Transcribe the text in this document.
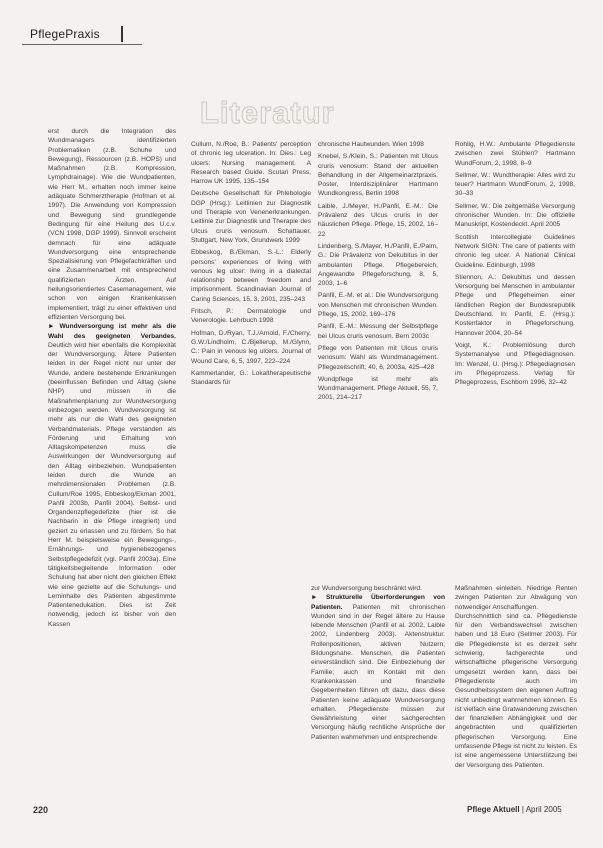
PflegePraxis
Literatur

erst durch die Integration des Wundmanagers identifizierten Problematiken (z.B. Schuhe und Bewegung), Ressourcen (z.B. HOPS) und Maßnahmen (z.B. Kompression, Lymphdrainage). Wie die Wundpatienten, wie Herr M., erhalten noch immer keine adäquate Schmerztherapie (Hofman et al. 1997). Die Anwendung von Kompression und Bewegung sind grundlegende Bedingung für eine Heilung des U.c.v. (VCN 1998, DGP 1999). Sinnvoll erscheint demnach für eine adäquate Wundversorgung eine entsprechende Spezialisierung von Pflegefachkräften und eine Zusammenarbeit mit entsprechend qualifizierten Ärzten. Auf heilungsorientiertes Casemanagement, wie schon von einigen Krankenkassen implementiert, trägt zu einer effektiven und effizienten Versorgung bei.

► Wundversorgung ist mehr als die Wahl des geeigneten Verbandes. Deutlich wird hier ebenfalls die Komplexität der Wundversorgung. Ältere Patienten leiden in der Regel nicht nur unter der Wunde, andere bestehende Erkrankungen (beeinflussen Befinden und Alltag (siehe NHP) und müssen in die Maßnahmenplanung zur Wundversorgung einbezogen werden. Wundversorgung ist mehr als nur die Wahl des geeigneten Verbandmaterials. Pflege verstanden als Förderung und Erhaltung von Alltagskompetenzen muss die Auswirkungen der Wundversorgung auf den Alltag einbeziehen. Wundpatienten leiden durch die Wunde an mehrdimensionalen Problemen (z.B. Cullum/Roe 1995, Ebbeskog/Ekman 2001, Panfil 2003b, Panfil 2004). Selbst- und Organdenzpflegedefizite (hier ist die Nachbarin in die Pflege integriert) und geziert zu erlassen und zu fördern. So hat Herr M. beispielsweise ein Bewegungs-, Ernährungs- und hygienebezogenes Selbstpflegedefizit (vgl. Panfil 2003a). Eine tätigkeitsbegleitende Information oder Schulung hat aber nicht den gleichen Effekt wie eine gezielte auf die Schulungs- und Lerninhalte des Patienten abgestimmte Patientenedukation. Dies ist Zeit notwendig, jedoch ist bisher von den Kassen

Cullum, N./Roe, B.: Patients' perception of chronic leg ulceration. In: Dies.: Leg ulcers: Nursing management. A Research based Guide. Scutari Press, Harrow UK 1995, 135–154

Deutsche Gesellschaft für Phlebologie DGP (Hrsg.): Leitlinien zur Diagnostik und Therapie von Venenerkrankungen. Leitlinie zur Diagnostik und Therapie des Ulcus cruris venosum. Schattauer, Stuttgart, New York, Grundwerk 1999

Ebbeskog, B./Ekman, S.-L.: Elderly persons' experiences of living with venous leg ulcer: living in a dialectal relationship between freedom and imprisonment. Scandinavian Journal of Caring Sciences, 15, 3, 2001, 235–243

Fritsch, P.: Dermatologie und Venerologie. Lehrbuch 1998

Hofman, D./Ryan, T.J./Arnold, F./Cherry, G.W./Lindholm, C./Bjellerup, M./Glynn, C.: Pain in venous leg ulcers. Journal of Wound Care, 6, 5, 1997, 222–224

Kammerlander, G.: Lokaltherapeutische Standards für

chronische Hautwunden. Wien 1998

Knebel, S./Klein, S.: Patienten mit Ulcus cruris venosum: Stand der aktuellen Behandlung in der Allgemeinarztpraxis. Poster, Interdisziplinärer Hartmann Wundkongress, Berlin 1998

Laible, J./Meyer, H./Panfil, E.-M.: Die Prävalenz des Ulcus cruris in der häuslichen Pflege. Pflege, 15, 2002, 16–22

Lindenberg, S./Mayer, H./Panfil, E./Palm, G.: Die Prävalenz von Dekubitus in der ambulanten Pflege. Pflegebereich, Angewandte Pflegeforschung, 8, 5, 2003, 1–6

Panfil, E.-M. et al.: Die Wundversorgung von Menschen mit chronischen Wunden. Pflege, 15, 2002, 169–176

Panfil, E.-M.: Messung der Selbstpflege bei Ulcus cruris venosum. Bern 2003c

Pflege von Patienten mit Ulcus cruris venosum: Wahl als Wundmanagement. Pflegezeitschrift, 40, 6, 2003a, 425–428

Wundpflege ist mehr als Wundmanagement. Pflege Aktuell, 55, 7, 2001, 214–217

Rohlig, H.W.: Ambulante Pflegedienste zwischen zwei Stühlen? Hartmann WundForum, 2, 1998, 8–9

Sellmer, W.: Wundtherapie: Alles wird zu teuer? Hartmann WundForum, 2, 1998, 30–33

Sellmer, W.: Die zeitgemäße Versorgung chronischer Wunden. In: Die offizielle Manuskript, Kostendeckt. April 2005

Scottish Intercollegiate Guidelines Network SIGN: The care of patients with chronic leg ulcer. A National Clinical Guideline. Edinburgh, 1998

Stiennon, A.: Dekubitus und dessen Versorgung bei Menschen in ambulanter Pflege und Pflegeheimen einer ländlichen Region der Bundesrepublik Deutschland. In: Panfil, E. (Hrsg.): Kostenfaktor in Pflegeforschung. Hannover 2004, 20–54

Voigt, K.: Problemlösung durch Systemanalyse und Pflegediagnosen. Im: Wenzel, U. (Hrsg.): Pflegediagnosen im Pflegeprozess. Verlag für Pflegeprozess, Eschborn 1996, 32–42

zur Wundversorgung beschränkt wird.

► Strukturelle Überforderungen von Patienten. Patienten mit chronischen Wunden sind in der Regel ältere zu Hause lebende Menschen (Panfil et al. 2002, Laible 2002, Lindenberg 2003). Aktenstruktur. Rollenpositionen, aktiven Nutzern; Bildungsnahe. Menschen, die Patienten einverständlich sind. Die Einbeziehung der Familie; auch im Kontakt mit den Krankenkassen und finanzielle Gegebenheiten führen oft dazu, dass diese Patienten keine adäquate Wundversorgung erhalten. Pflegedienste müssen zur Gewährleistung einer sachgerechten Versorgung häufig rechtliche Ansprüche der Patienten wahrnehmen und entsprechende

Maßnahmen einleiten. Niedrige Renten zwingen Patienten zur Abwägung von notwendiger Anschaffungen.

Durchschnittlich sind ca. Pflegedienste für den Verbandswechsel zwischen haben und 18 Euro (Sellmer 2003). Für die Pflegedienste ist es derzeit sehr schwierig, fachgerechte und wirtschaftliche pflegerische Versorgung umgesetzt werden kann, dass bei Pflegedienste auch im Gesundheitssystem den eigenen Auftrag nicht unbedingt wahrnehmen können. Es ist vielfach eine Gratwanderung zwischen der finanziellen Abhängigkeit und der angebrachten und qualifizierten pflegerischen Versorgung. Eine umfassende Pflege ist nicht zu leisten. Es ist eine angemessene Unterstützung bei der Versorgung des Patienten.

220	Pflege Aktuell | April 2005
